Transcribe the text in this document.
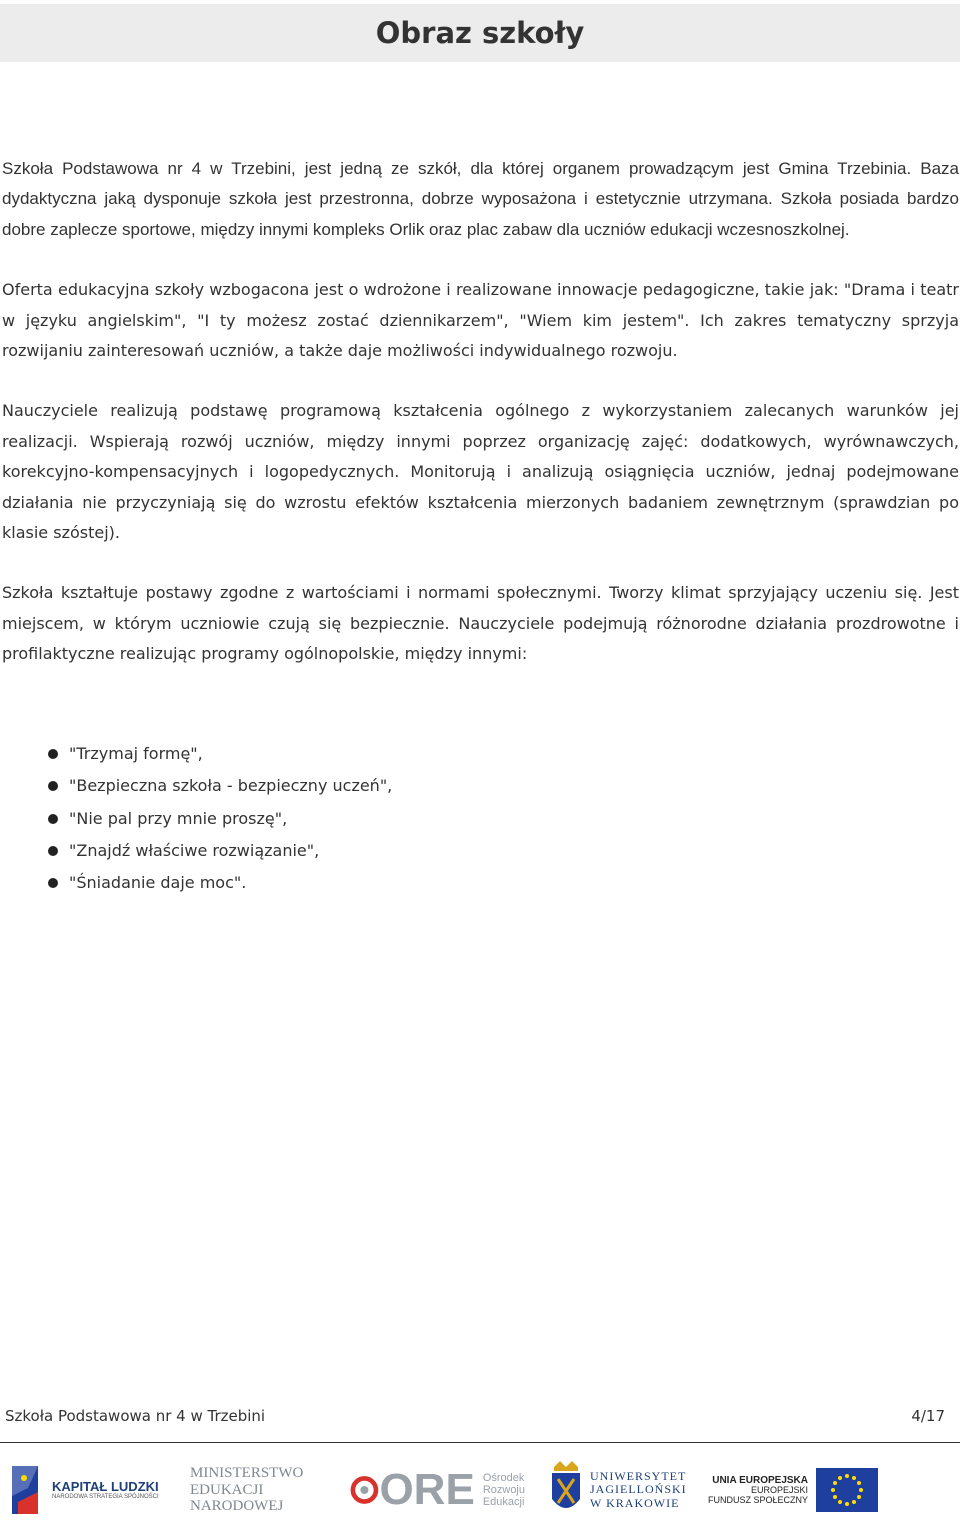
Obraz szkoły

Szkoła Podstawowa nr 4 w Trzebini, jest jedną ze szkół, dla której organem prowadzącym jest Gmina Trzebinia. Baza dydaktyczna jaką dysponuje szkoła jest przestronna, dobrze wyposażona i estetycznie utrzymana. Szkoła posiada bardzo dobre zaplecze sportowe, między innymi kompleks Orlik oraz plac zabaw dla uczniów edukacji wczesnoszkolnej.

Oferta edukacyjna szkoły wzbogacona jest o wdrożone i realizowane innowacje pedagogiczne, takie jak: "Drama i teatr w języku angielskim", "I ty możesz zostać dziennikarzem", "Wiem kim jestem". Ich zakres tematyczny sprzyja rozwijaniu zainteresowań uczniów, a także daje możliwości indywidualnego rozwoju.

Nauczyciele realizują podstawę programową kształcenia ogólnego z wykorzystaniem zalecanych warunków jej realizacji. Wspierają rozwój uczniów, między innymi poprzez organizację zajęć: dodatkowych, wyrównawczych, korekcyjno-kompensacyjnych i logopedycznych. Monitorują i analizują osiągnięcia uczniów, jednaj podejmowane działania nie przyczyniają się do wzrostu efektów kształcenia mierzonych badaniem zewnętrznym (sprawdzian po klasie szóstej).

Szkoła kształtuje postawy zgodne z wartościami i normami społecznymi. Tworzy klimat sprzyjający uczeniu się. Jest miejscem, w którym uczniowie czują się bezpiecznie. Nauczyciele podejmują różnorodne działania prozdrowotne i profilaktyczne realizując programy ogólnopolskie, między innymi:

"Trzymaj formę",
"Bezpieczna szkoła - bezpieczny uczeń",
"Nie pal przy mnie proszę",
"Znajdź właściwe rozwiązanie",
"Śniadanie daje moc".
Szkoła Podstawowa nr 4 w Trzebini	4/17
KAPITAŁ LUDZKI
NARODOWA STRATEGIA SPÓJNOŚCI
MINISTERSTWO
EDUKACJI
NARODOWEJ	ORE Ośrodek
Rozwoju
Edukacji
UNIWERSYTET
JAGIELLOŃSKI
W KRAKOWIE
UNIA EUROPEJSKA
EUROPEJSKI
FUNDUSZ SPOŁECZNY
